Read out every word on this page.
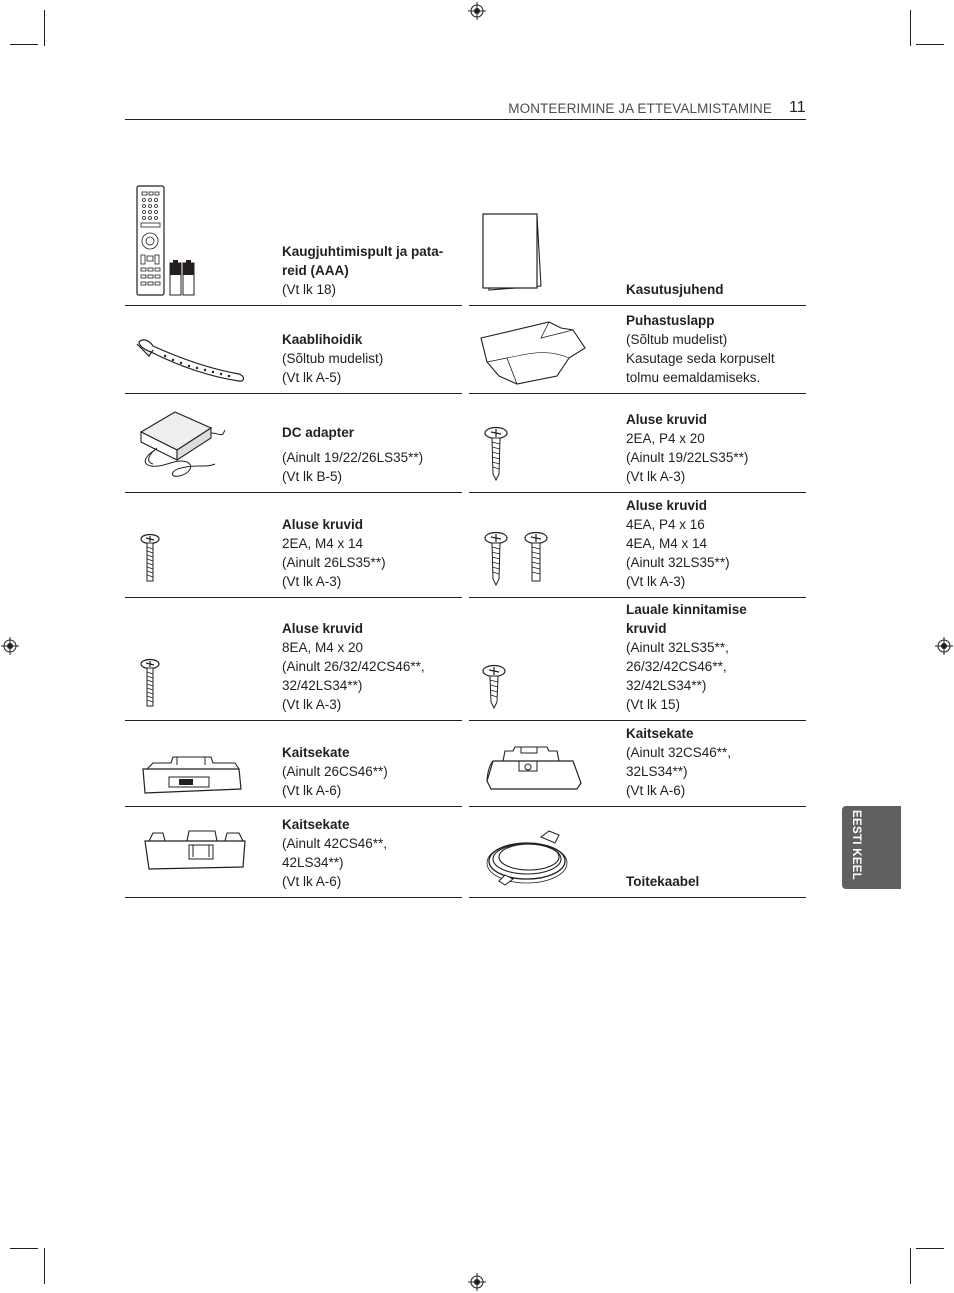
MONTEERIMINE JA ETTEVALMISTAMINE 11
EESTI KEEL
Kaugjuhtimispult ja pata-
reid (AAA)
(Vt lk 18)
Kaablihoidik
(Sõltub mudelist)
(Vt lk A-5)
DC adapter
(Ainult 19/22/26LS35**)
(Vt lk B-5)
Aluse kruvid
2EA, M4 x 14
(Ainult 26LS35**)
(Vt lk A-3)
Aluse kruvid
8EA, M4 x 20
(Ainult 26/32/42CS46**,
32/42LS34**)
(Vt lk A-3)
Kaitsekate
(Ainult 26CS46**)
(Vt lk A-6)
Kaitsekate
(Ainult 42CS46**,
42LS34**)
(Vt lk A-6)
Kasutusjuhend
Puhastuslapp
(Sõltub mudelist)
Kasutage seda korpuselt
tolmu eemaldamiseks.
Aluse kruvid
2EA, P4 x 20
(Ainult 19/22LS35**)
(Vt lk A-3)
Aluse kruvid
4EA, P4 x 16
4EA, M4 x 14
(Ainult 32LS35**)
(Vt lk A-3)
Lauale kinnitamise
kruvid
(Ainult 32LS35**,
26/32/42CS46**,
32/42LS34**)
(Vt lk 15)
Kaitsekate
(Ainult 32CS46**,
32LS34**)
(Vt lk A-6)
Toitekaabel
